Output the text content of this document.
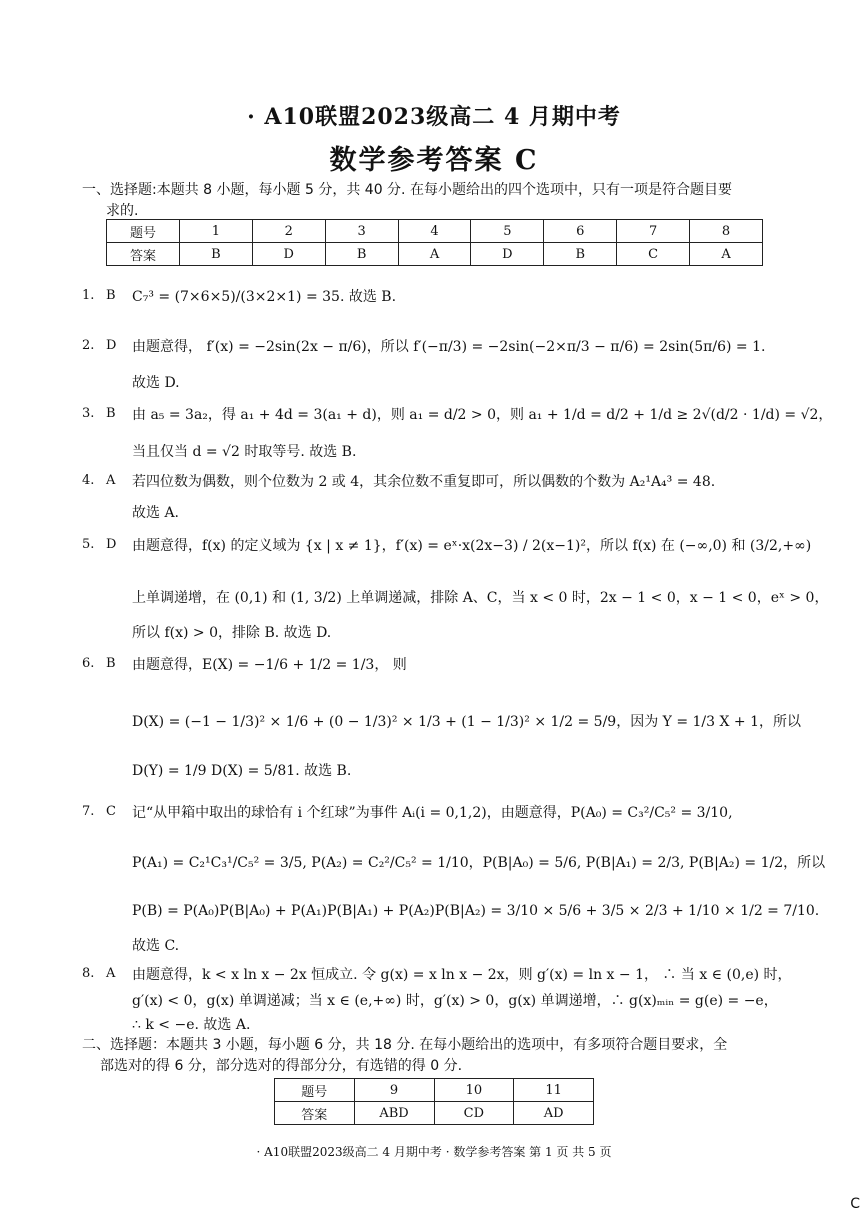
· A10联盟2023级高二 4 月期中考
数学参考答案 C
一、选择题:本题共 8 小题，每小题 5 分，共 40 分. 在每小题给出的四个选项中，只有一项是符合题目要
求的.
题号	1	2	3	4	5	6	7	8
答案	B	D	B	A	D	B	C	A
1. B C₇³ = (7×6×5)/(3×2×1) = 35. 故选 B.
2. D 由题意得， f′(x) = −2sin(2x − π/6)，所以 f′(−π/3) = −2sin(−2×π/3 − π/6) = 2sin(5π/6) = 1.
故选 D.
3. B 由 a₅ = 3a₂，得 a₁ + 4d = 3(a₁ + d)，则 a₁ = d/2 > 0，则 a₁ + 1/d = d/2 + 1/d ≥ 2√(d/2 · 1/d) = √2，
当且仅当 d = √2 时取等号. 故选 B.
4. A 若四位数为偶数，则个位数为 2 或 4，其余位数不重复即可，所以偶数的个数为 A₂¹A₄³ = 48.
故选 A.
5. D 由题意得，f(x) 的定义域为 {x | x ≠ 1}，f′(x) = eˣ·x(2x−3) / 2(x−1)²，所以 f(x) 在 (−∞,0) 和 (3/2,+∞)
上单调递增，在 (0,1) 和 (1, 3/2) 上单调递减，排除 A、C，当 x < 0 时，2x − 1 < 0，x − 1 < 0，eˣ > 0，
所以 f(x) > 0，排除 B. 故选 D.
6. B 由题意得，E(X) = −1/6 + 1/2 = 1/3， 则
D(X) = (−1 − 1/3)² × 1/6 + (0 − 1/3)² × 1/3 + (1 − 1/3)² × 1/2 = 5/9，因为 Y = 1/3 X + 1，所以
D(Y) = 1/9 D(X) = 5/81. 故选 B.
7. C 记“从甲箱中取出的球恰有 i 个红球”为事件 Aᵢ(i = 0,1,2)，由题意得，P(A₀) = C₃²/C₅² = 3/10,
P(A₁) = C₂¹C₃¹/C₅² = 3/5, P(A₂) = C₂²/C₅² = 1/10，P(B|A₀) = 5/6, P(B|A₁) = 2/3, P(B|A₂) = 1/2，所以
P(B) = P(A₀)P(B|A₀) + P(A₁)P(B|A₁) + P(A₂)P(B|A₂) = 3/10 × 5/6 + 3/5 × 2/3 + 1/10 × 1/2 = 7/10.
故选 C.
8. A 由题意得，k < x ln x − 2x 恒成立. 令 g(x) = x ln x − 2x，则 g′(x) = ln x − 1， ∴ 当 x ∈ (0,e) 时，
g′(x) < 0，g(x) 单调递减；当 x ∈ (e,+∞) 时，g′(x) > 0，g(x) 单调递增，∴ g(x)ₘᵢₙ = g(e) = −e，
∴ k < −e. 故选 A.
二、选择题：本题共 3 小题，每小题 6 分，共 18 分. 在每小题给出的选项中，有多项符合题目要求，全
部选对的得 6 分，部分选对的得部分分，有选错的得 0 分.
题号	9	10	11
答案	ABD	CD	AD
· A10联盟2023级高二 4 月期中考 · 数学参考答案 第 1 页 共 5 页
C
